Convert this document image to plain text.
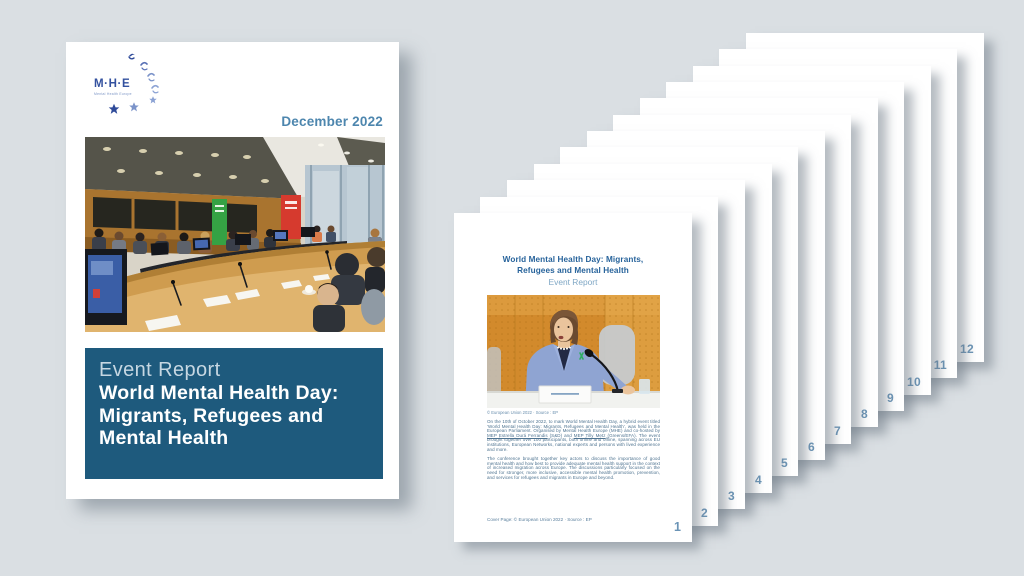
M·H·E
Mental Health Europe
December 2022
Event Report
World Mental Health Day:
Migrants, Refugees and
Mental Health
12
11
10
9
8
7
6
5
4
3
2
World Mental Health Day: Migrants,
Refugees and Mental Health
Event Report
© European Union 2022 · Source : EP

On the 10th of October 2022, to mark World Mental Health Day, a hybrid event titled ‘World Mental Health Day: Migrants, Refugees and Mental Health’, was held in the European Parliament. Organised by Mental Health Europe (MHE) and co-hosted by MEP Estrella Durá Ferrandis (S&D) and MEP Tilly Metz (Greens/EFA). The event brought together over 100 participants, both online and offline, spanning across EU institutions, European Networks, national experts and persons with lived experience and more.

The conference brought together key actors to discuss the importance of good mental health and how best to provide adequate mental health support in the context of increased migration across Europe. The discussions particularly focused on the need for stronger, more inclusive, accessible mental health promotion, prevention, and services for refugees and migrants in Europe and beyond.

Cover Page: © European Union 2022 · Source : EP
1
